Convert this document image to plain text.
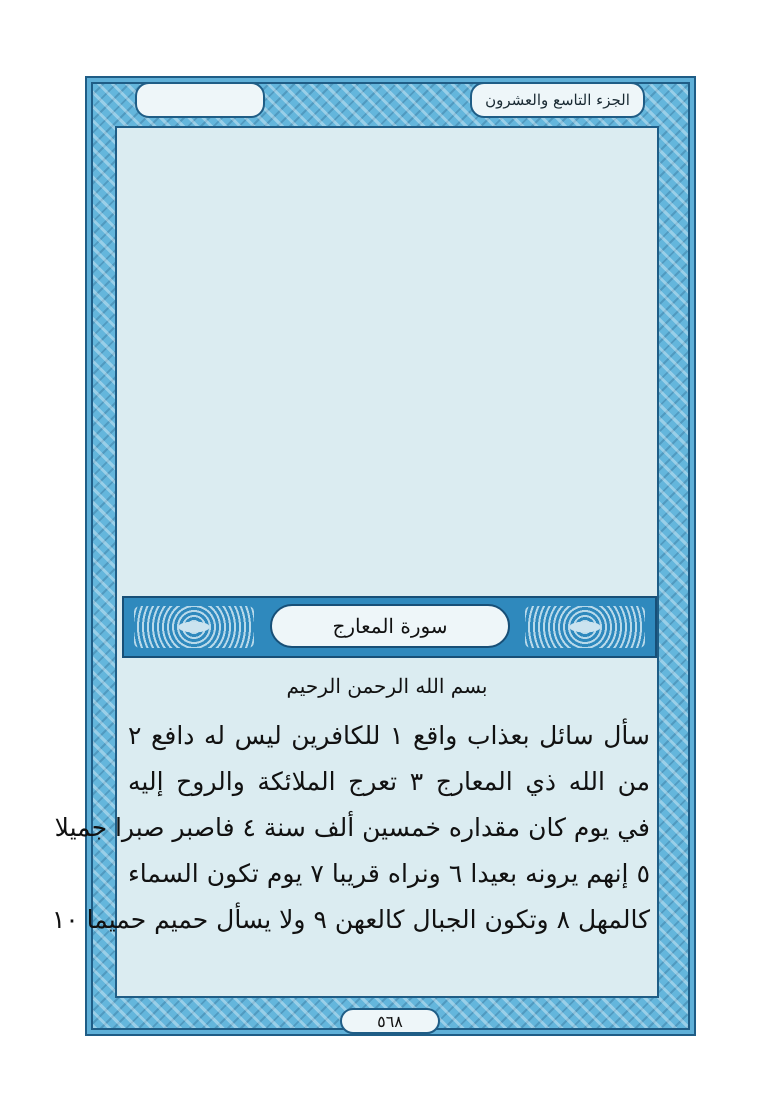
الجزء التاسع والعشرون
سورة المعارج
بسم الله الرحمن الرحيم
سأل سائل بعذاب واقع ١ للكافرين ليس له دافع ٢
من الله ذي المعارج ٣ تعرج الملائكة والروح إليه
في يوم كان مقداره خمسين ألف سنة ٤ فاصبر صبرا جميلا
٥ إنهم يرونه بعيدا ٦ ونراه قريبا ٧ يوم تكون السماء
كالمهل ٨ وتكون الجبال كالعهن ٩ ولا يسأل حميم حميما ١٠
٥٦٨
